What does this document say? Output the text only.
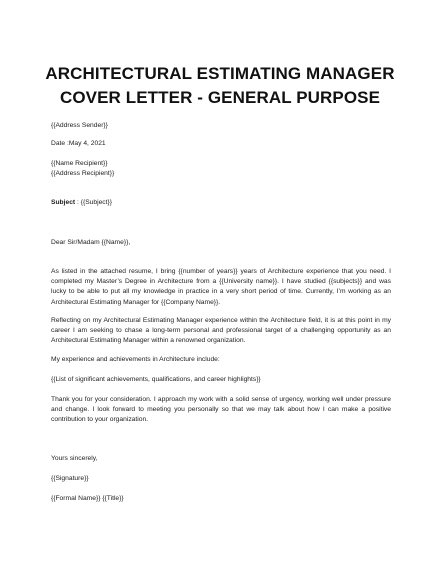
ARCHITECTURAL ESTIMATING MANAGER
COVER LETTER - GENERAL PURPOSE
{{Address Sender}}
Date :May 4, 2021
{{Name Recipient}}
{{Address Recipient}}
Subject : {{Subject}}
Dear Sir/Madam {{Name}},
As listed in the attached resume, I bring {{number of years}} years of Architecture experience that you need. I completed my Master’s Degree in Architecture from a {{University name}}. I have studied {{subjects}} and was lucky to be able to put all my knowledge in practice in a very short period of time. Currently, I’m working as an Architectural Estimating Manager for {{Company Name}}.
Reflecting on my Architectural Estimating Manager experience within the Architecture field, it is at this point in my career I am seeking to chase a long-term personal and professional target of a challenging opportunity as an Architectural Estimating Manager within a renowned organization.
My experience and achievements in Architecture include:
{{List of significant achievements, qualifications, and career highlights}}
Thank you for your consideration. I approach my work with a solid sense of urgency, working well under pressure and change. I look forward to meeting you personally so that we may talk about how I can make a positive contribution to your organization.
Yours sincerely,
{{Signature}}
{{Formal Name}} {{Title}}
